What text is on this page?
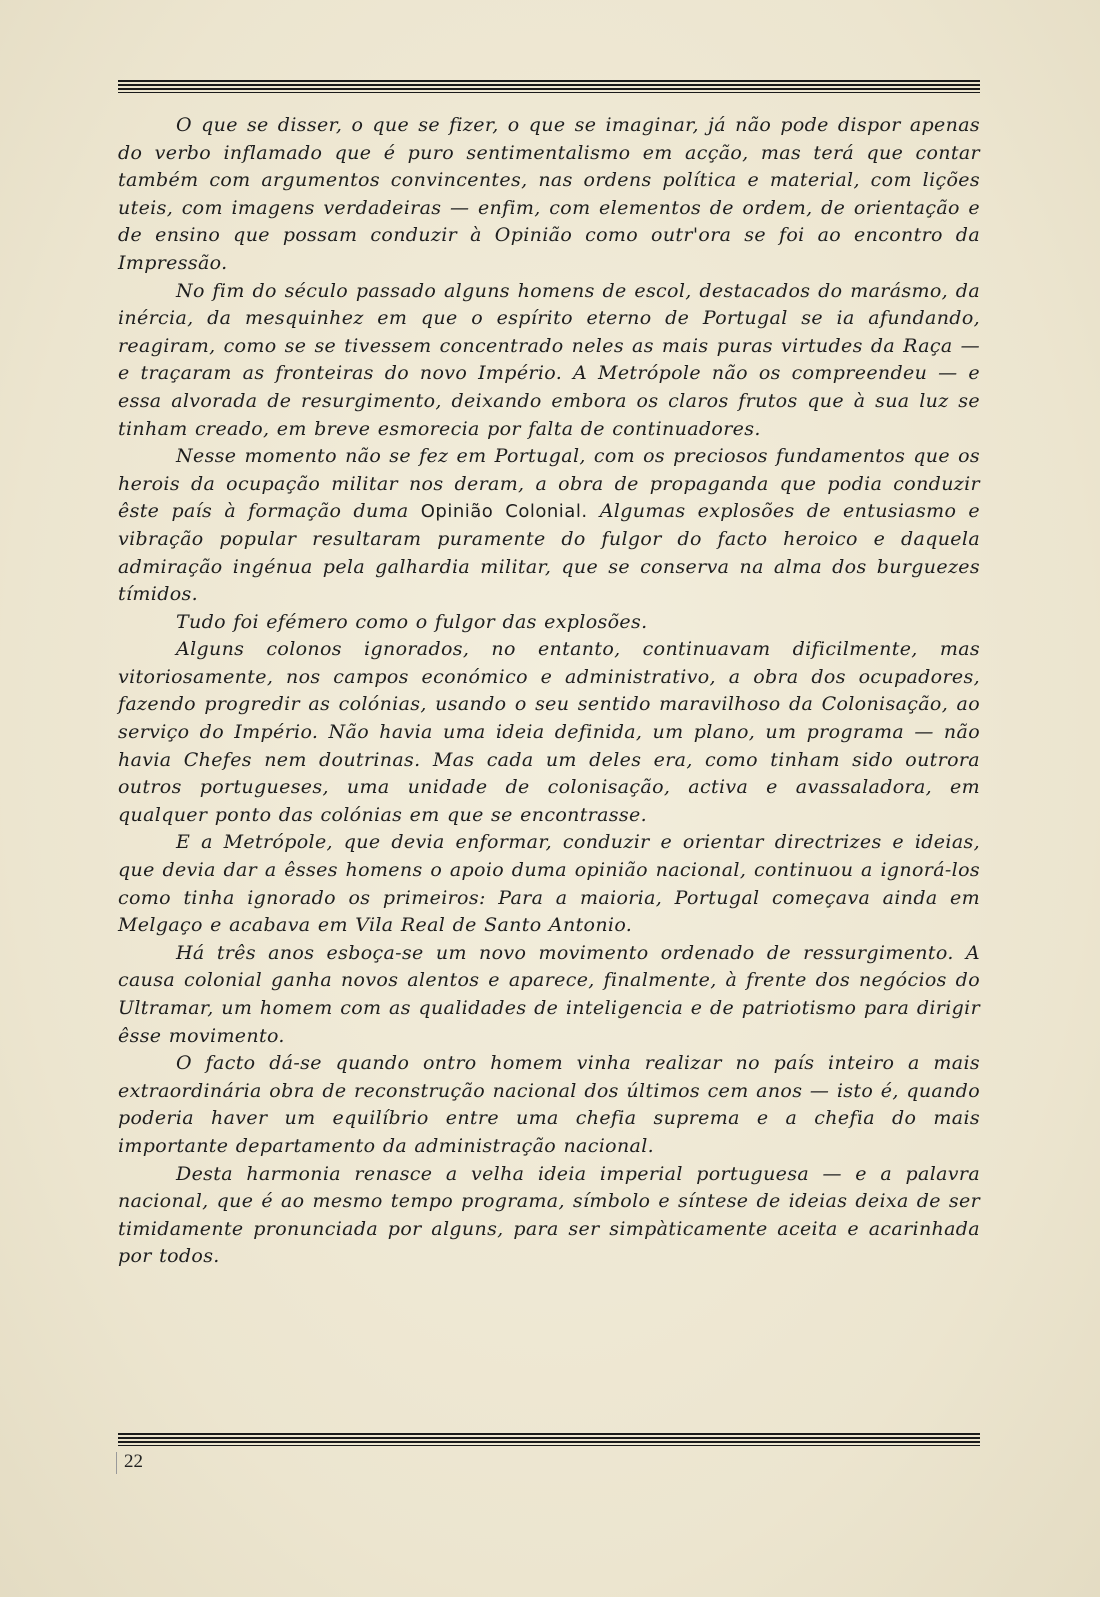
O que se disser, o que se fizer, o que se imaginar, já não pode dispor apenas do verbo inflamado que é puro sentimentalismo em acção, mas terá que contar também com argumentos convincentes, nas ordens política e material, com lições uteis, com imagens verdadeiras — enfim, com elementos de ordem, de orientação e de ensino que possam conduzir à Opinião como outr'ora se foi ao encontro da Impressão.

No fim do século passado alguns homens de escol, destacados do marásmo, da inércia, da mesquinhez em que o espírito eterno de Portugal se ia afundando, reagiram, como se se tivessem concentrado neles as mais puras virtudes da Raça — e traçaram as fronteiras do novo Império. A Metrópole não os compreendeu — e essa alvorada de resurgimento, deixando embora os claros frutos que à sua luz se tinham creado, em breve esmorecia por falta de continuadores.

Nesse momento não se fez em Portugal, com os preciosos fundamentos que os herois da ocupação militar nos deram, a obra de propaganda que podia conduzir êste país à formação duma Opinião Colonial. Algumas explosões de entusiasmo e vibração popular resultaram puramente do fulgor do facto heroico e daquela admiração ingénua pela galhardia militar, que se conserva na alma dos burguezes tímidos.

Tudo foi efémero como o fulgor das explosões.

Alguns colonos ignorados, no entanto, continuavam dificilmente, mas vitoriosamente, nos campos económico e administrativo, a obra dos ocupadores, fazendo progredir as colónias, usando o seu sentido maravilhoso da Colonisação, ao serviço do Império. Não havia uma ideia definida, um plano, um programa — não havia Chefes nem doutrinas. Mas cada um deles era, como tinham sido outrora outros portugueses, uma unidade de colonisação, activa e avassaladora, em qualquer ponto das colónias em que se encontrasse.

E a Metrópole, que devia enformar, conduzir e orientar directrizes e ideias, que devia dar a êsses homens o apoio duma opinião nacional, continuou a ignorá-los como tinha ignorado os primeiros: Para a maioria, Portugal começava ainda em Melgaço e acabava em Vila Real de Santo Antonio.

Há três anos esboça-se um novo movimento ordenado de ressurgimento. A causa colonial ganha novos alentos e aparece, finalmente, à frente dos negócios do Ultramar, um homem com as qualidades de inteligencia e de patriotismo para dirigir êsse movimento.

O facto dá-se quando ontro homem vinha realizar no país inteiro a mais extraordinária obra de reconstrução nacional dos últimos cem anos — isto é, quando poderia haver um equilíbrio entre uma chefia suprema e a chefia do mais importante departamento da administração nacional.

Desta harmonia renasce a velha ideia imperial portuguesa — e a palavra nacional, que é ao mesmo tempo programa, símbolo e síntese de ideias deixa de ser timidamente pronunciada por alguns, para ser simpàticamente aceita e acarinhada por todos.

22
